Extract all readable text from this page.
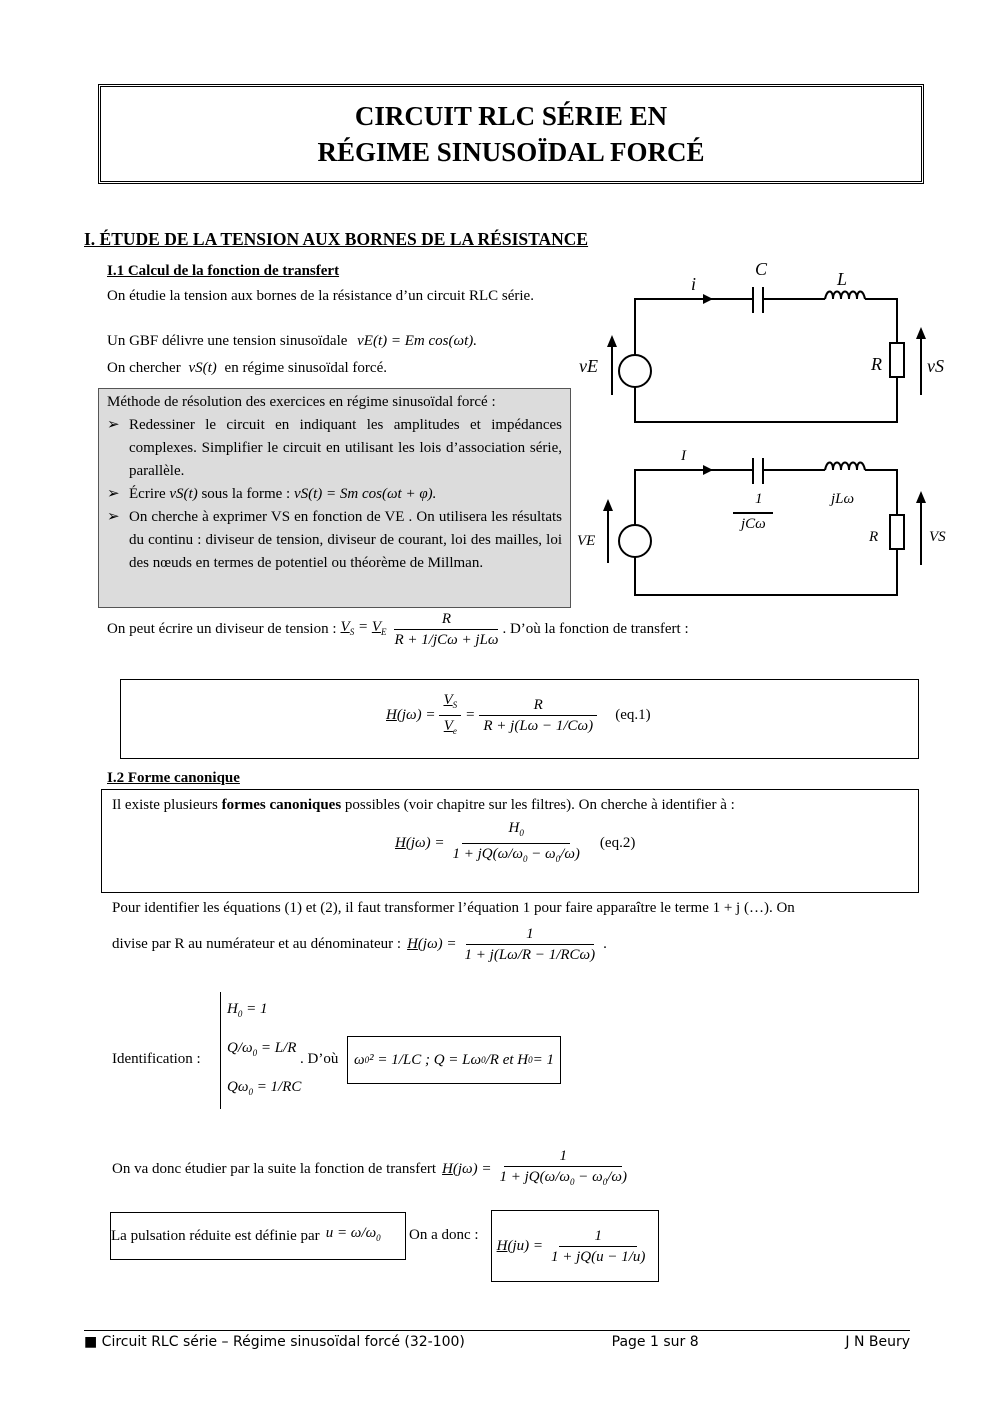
CIRCUIT RLC SÉRIE EN
RÉGIME SINUSOÏDAL FORCÉ
I. ÉTUDE DE LA TENSION AUX BORNES DE LA RÉSISTANCE
I.1 Calcul de la fonction de transfert
On étudie la tension aux bornes de la résistance d’un circuit RLC série.
Un GBF délivre une tension sinusoïdale vE(t) = Em cos(ωt).
On chercher vS(t) en régime sinusoïdal forcé.
Méthode de résolution des exercices en régime sinusoïdal forcé :
➢ Redessiner le circuit en indiquant les amplitudes et impédances complexes. Simplifier le circuit en utilisant les lois d’association série, parallèle.
➢ Écrire vS(t) sous la forme : vS(t) = Sm cos(ωt + φ).
➢ On cherche à exprimer VS en fonction de VE . On utilisera les résultats du continu : diviseur de tension, diviseur de courant, loi des mailles, loi des nœuds en termes de potentiel ou théorème de Millman.
C	L
i
R
vE	vS
I
1
jCω
jLω
R
VE	VS
On peut écrire un diviseur de tension : $V_S = V_E \frac{R}{\text{R + 1/jCω + jLω}}$ . D’où la fonction de transfert :
$H(j\omega) = \frac{V_S}{V_e} = \frac{R}{R + j(L\omega - 1/C\omega)} (eq.1)$
I.2 Forme canonique
Il existe plusieurs formes canoniques possibles (voir chapitre sur les filtres). On cherche à identifier à :
$H(j\omega) = \frac{H_0}{1 + jQ(\omega/\omega_0 - \omega_0/\omega)} (eq.2)$
Pour identifier les équations (1) et (2), il faut transformer l’équation 1 pour faire apparaître le terme 1 + j (…). On
divise par R au numérateur et au dénominateur : $H(j\omega) = \frac{1}{\text{1 + j(Lω/R − 1/RCω)}}$ .
Identification :
$H_0 = 1$
$Q/\omega_0 = L/R$
$Q\omega_0 = 1/RC$
. D’où	ω 0 ² = 1/LC ; Q = Lω 0 /R et H 0 = 1
On va donc étudier par la suite la fonction de transfert $H(j\omega) = \frac{1}{1 + jQ(\omega/\omega_0 - \omega_0/\omega)}$
La pulsation réduite est définie par $u = \omega/\omega_0$ On a donc :
$H(ju) = \frac{1}{1 + jQ(u - 1/u)}$
■ Circuit RLC série – Régime sinusoïdal forcé (32-100)	Page 1 sur 8	J N Beury
